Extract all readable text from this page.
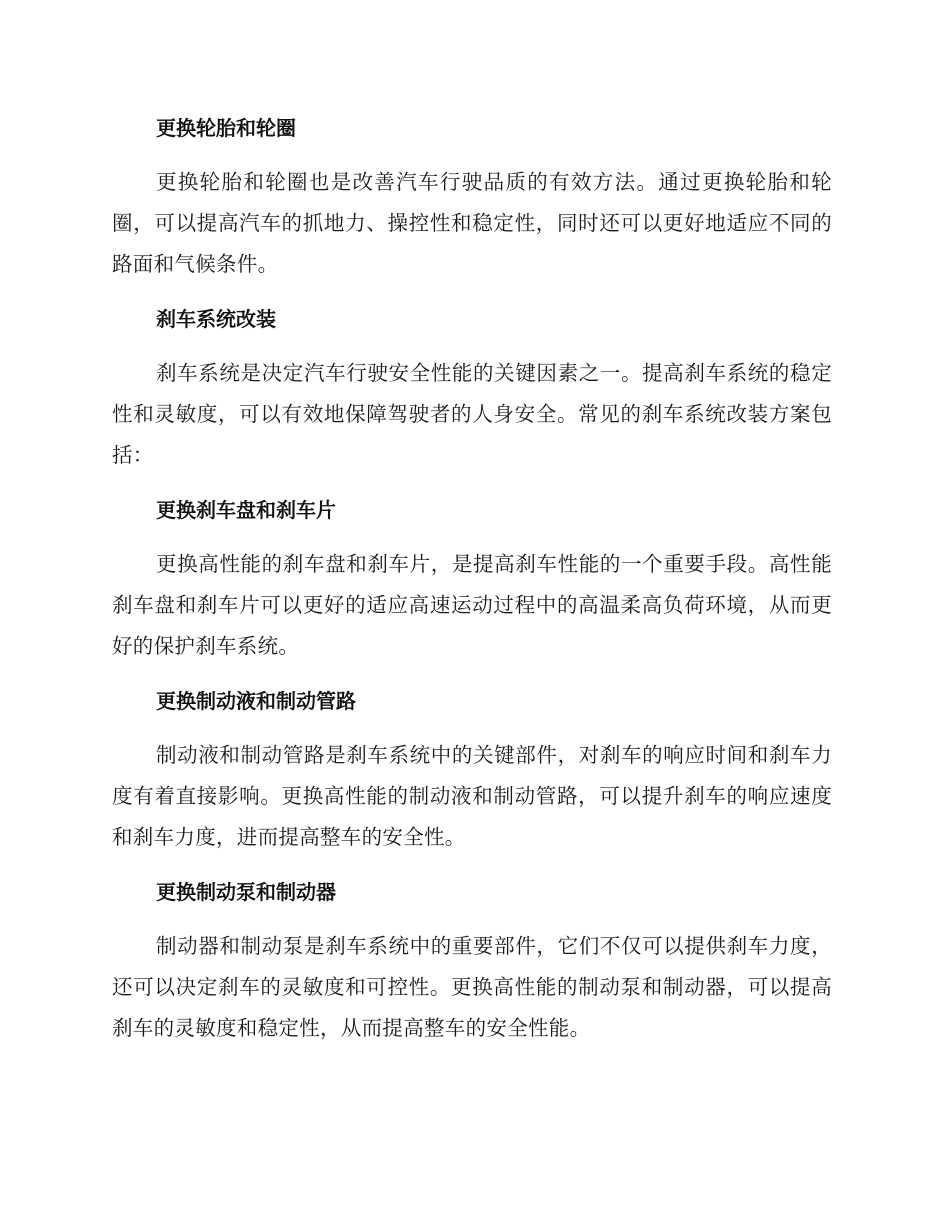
更换轮胎和轮圈

更换轮胎和轮圈也是改善汽车行驶品质的有效方法。通过更换轮胎和轮圈，可以提高汽车的抓地力、操控性和稳定性，同时还可以更好地适应不同的路面和气候条件。

刹车系统改装

刹车系统是决定汽车行驶安全性能的关键因素之一。提高刹车系统的稳定性和灵敏度，可以有效地保障驾驶者的人身安全。常见的刹车系统改装方案包括：

更换刹车盘和刹车片

更换高性能的刹车盘和刹车片，是提高刹车性能的一个重要手段。高性能刹车盘和刹车片可以更好的适应高速运动过程中的高温柔高负荷环境，从而更好的保护刹车系统。

更换制动液和制动管路

制动液和制动管路是刹车系统中的关键部件，对刹车的响应时间和刹车力度有着直接影响。更换高性能的制动液和制动管路，可以提升刹车的响应速度和刹车力度，进而提高整车的安全性。

更换制动泵和制动器

制动器和制动泵是刹车系统中的重要部件，它们不仅可以提供刹车力度，还可以决定刹车的灵敏度和可控性。更换高性能的制动泵和制动器，可以提高刹车的灵敏度和稳定性，从而提高整车的安全性能。
